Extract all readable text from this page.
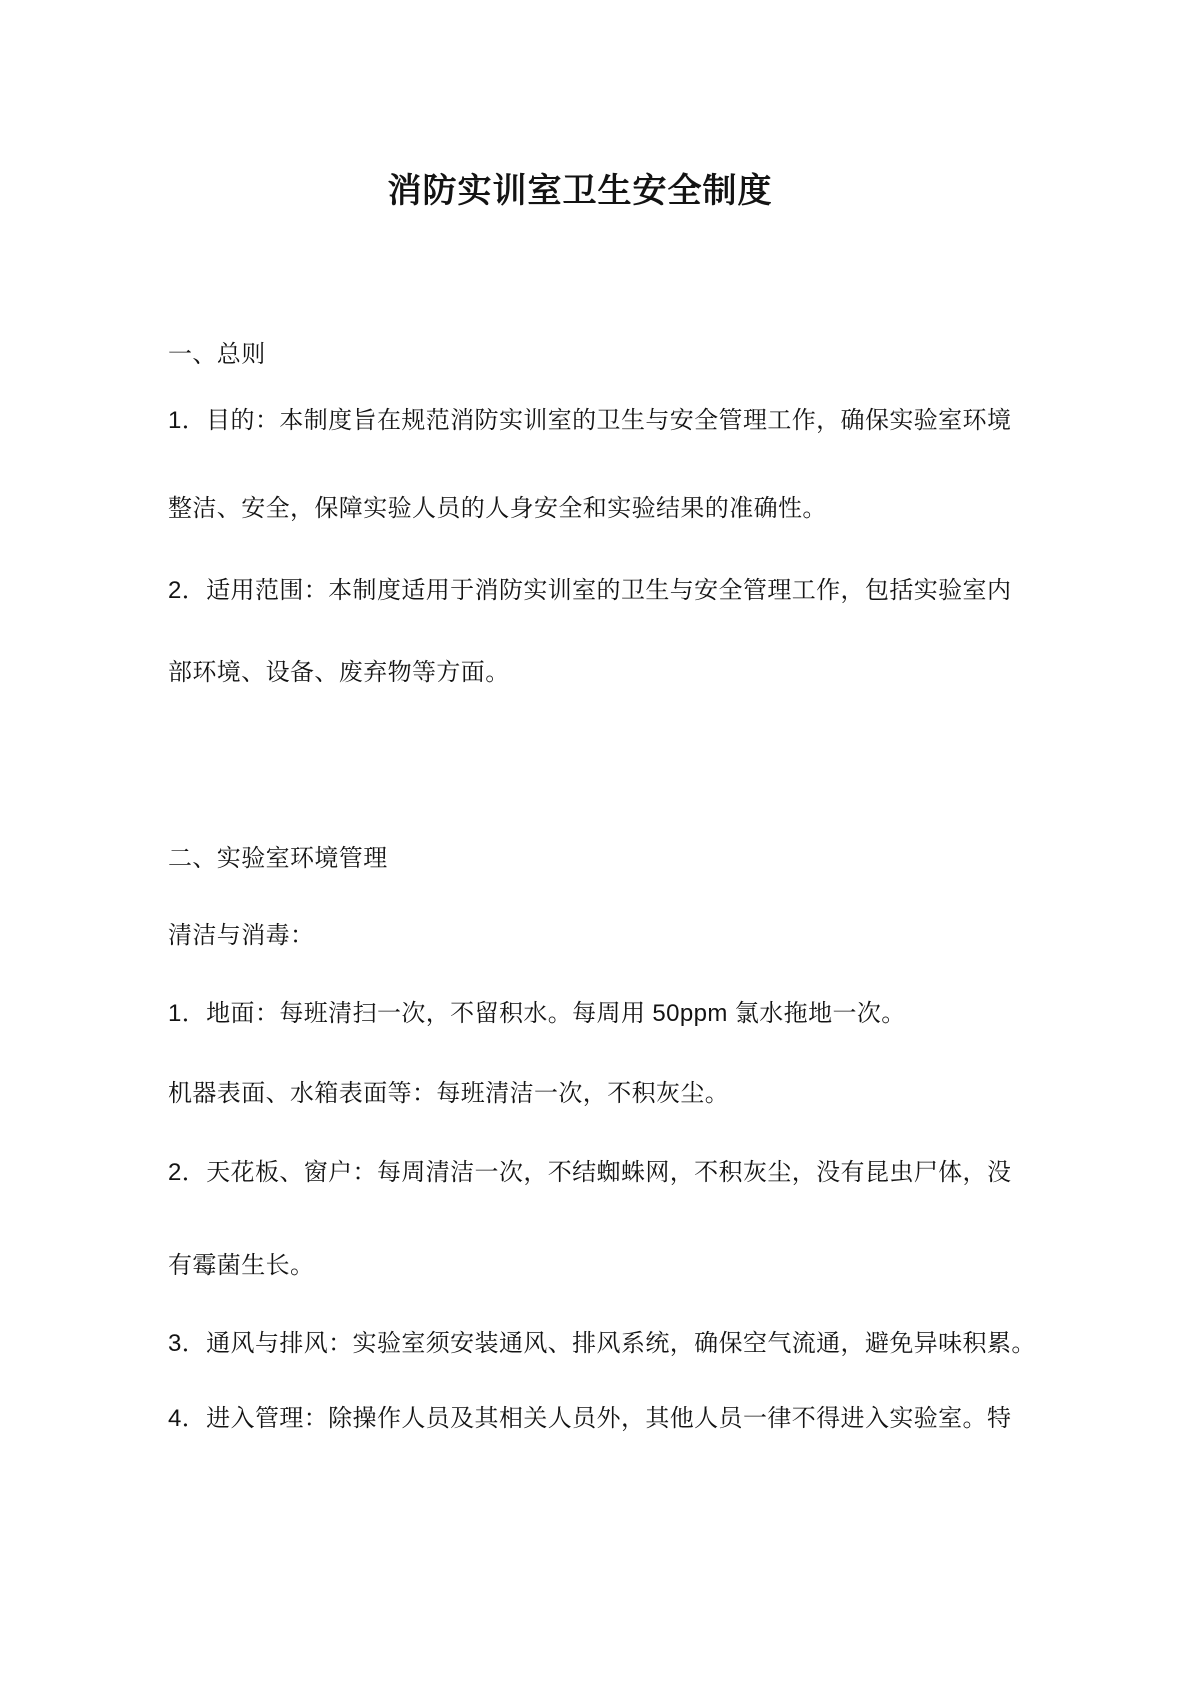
消防实训室卫生安全制度
一、总则
1．目的：本制度旨在规范消防实训室的卫生与安全管理工作，确保实验室环境
整洁、安全，保障实验人员的人身安全和实验结果的准确性。
2．适用范围：本制度适用于消防实训室的卫生与安全管理工作，包括实验室内
部环境、设备、废弃物等方面。
二、实验室环境管理
清洁与消毒：
1．地面：每班清扫一次，不留积水。每周用 50ppm 氯水拖地一次。
机器表面、水箱表面等：每班清洁一次，不积灰尘。
2．天花板、窗户：每周清洁一次，不结蜘蛛网，不积灰尘，没有昆虫尸体，没
有霉菌生长。
3．通风与排风：实验室须安装通风、排风系统，确保空气流通，避免异味积累。
4．进入管理：除操作人员及其相关人员外，其他人员一律不得进入实验室。特
